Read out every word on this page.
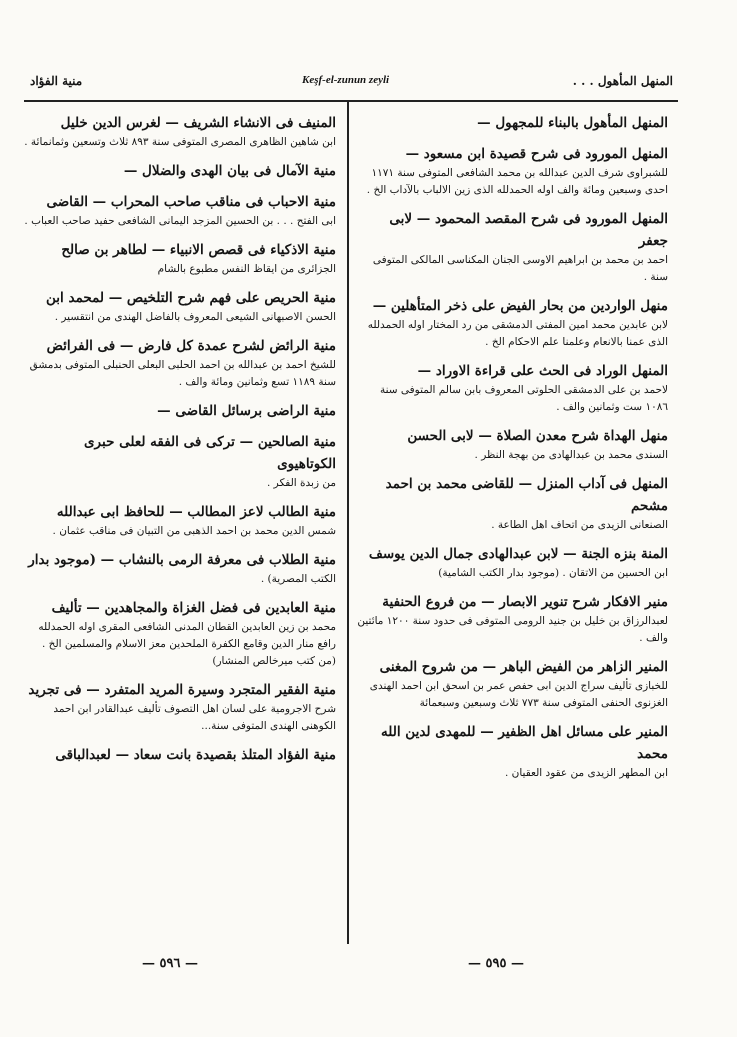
منية الفؤاد	Keşf-el-zunun zeyli	المنهل المأهول . . .
المنهل المأهول بالبناء للمجهول —
المنهل المورود فى شرح قصيدة ابن مسعود —
للشبراوى شرف الدين عبدالله بن محمد الشافعى المتوفى سنة ١١٧١ احدى وسبعين ومائة والف اوله الحمدلله الذى زين الالباب بالآداب الخ .
المنهل المورود فى شرح المقصد المحمود — لابى جعفر
احمد بن محمد بن ابراهيم الاوسى الجنان المكناسى المالكى المتوفى سنة .
منهل الواردين من بحار الفيض على ذخر المتأهلين —
لابن عابدين محمد امين المفتى الدمشقى من رد المختار اوله الحمدلله الذى عمنا بالانعام وعلمنا علم الاحكام الخ .
المنهل الوراد فى الحث على قراءة الاوراد —
لاحمد بن على الدمشقى الحلوتى المعروف بابن سالم المتوفى سنة ١٠٨٦ ست وثمانين والف .
منهل الهداة شرح معدن الصلاة — لابى الحسن
السندى محمد بن عبدالهادى من بهجة النظر .
المنهل فى آداب المنزل — للقاضى محمد بن احمد مشحم
الصنعانى الزيدى من اتحاف اهل الطاعة .
المنة بنزه الجنة — لابن عبدالهادى جمال الدين يوسف
ابن الحسين من الاتقان . (موجود بدار الكتب الشامية)
منير الافكار شرح تنوير الابصار — من فروع الحنفية
لعبدالرزاق بن خليل بن جنيد الرومى المتوفى فى حدود سنة ١٢٠٠ مائتين والف .
المنير الزاهر من الفيض الباهر — من شروح المغنى
للخبازى تأليف سراج الدين ابى حفص عمر بن اسحق ابن احمد الهندى الغزنوى الحنفى المتوفى سنة ٧٧٣ ثلاث وسبعين وسبعمائة
المنير على مسائل اهل الظفير — للمهدى لدين الله محمد
ابن المطهر الزيدى من عقود العقيان .
المنيف فى الانشاء الشريف — لغرس الدين خليل
ابن شاهين الظاهرى المصرى المتوفى سنة ٨٩٣ ثلاث وتسعين وثمانمائة .
منية الآمال فى بيان الهدى والضلال —
منية الاحباب فى مناقب صاحب المحراب — القاضى
ابى الفتح . . . بن الحسين المزجد اليمانى الشافعى حفيد صاحب العباب .
منية الاذكياء فى قصص الانبياء — لطاهر بن صالح
الجزائرى من ايقاظ النفس مطبوع بالشام
منية الحريص على فهم شرح التلخيص — لمحمد ابن
الحسن الاصبهانى الشيعى المعروف بالفاضل الهندى من انتقسير .
منية الرائض لشرح عمدة كل فارض — فى الفرائض
للشيخ احمد بن عبدالله بن احمد الحلبى البعلى الحنبلى المتوفى بدمشق سنة ١١٨٩ تسع وثمانين ومائة والف .
منية الراضى برسائل القاضى —
منية الصالحين — تركى فى الفقه لعلى حبرى الكوتاهيوى
من زبدة الفكر .
منية الطالب لاعز المطالب — للحافظ ابى عبدالله
شمس الدين محمد بن احمد الذهبى من التبيان فى مناقب عثمان .
منية الطلاب فى معرفة الرمى بالنشاب — (موجود بدار
الكتب المصرية) .
منية العابدين فى فضل الغزاة والمجاهدين — تأليف
محمد بن زين العابدين القطان المدنى الشافعى المقرى اوله الحمدلله رافع منار الدين وقامع الكفرة الملحدين معز الاسلام والمسلمين الخ . (من كتب ميرخالص المنشار)
منية الفقير المتجرد وسيرة المريد المتفرد — فى تجريد
شرح الاجرومية على لسان اهل التصوف تأليف عبدالقادر ابن احمد الكوهنى الهندى المتوفى سنة...
منية الفؤاد المتلذ بقصيدة بانت سعاد — لعبدالباقى
— ٥٩٥ —
— ٥٩٦ —
